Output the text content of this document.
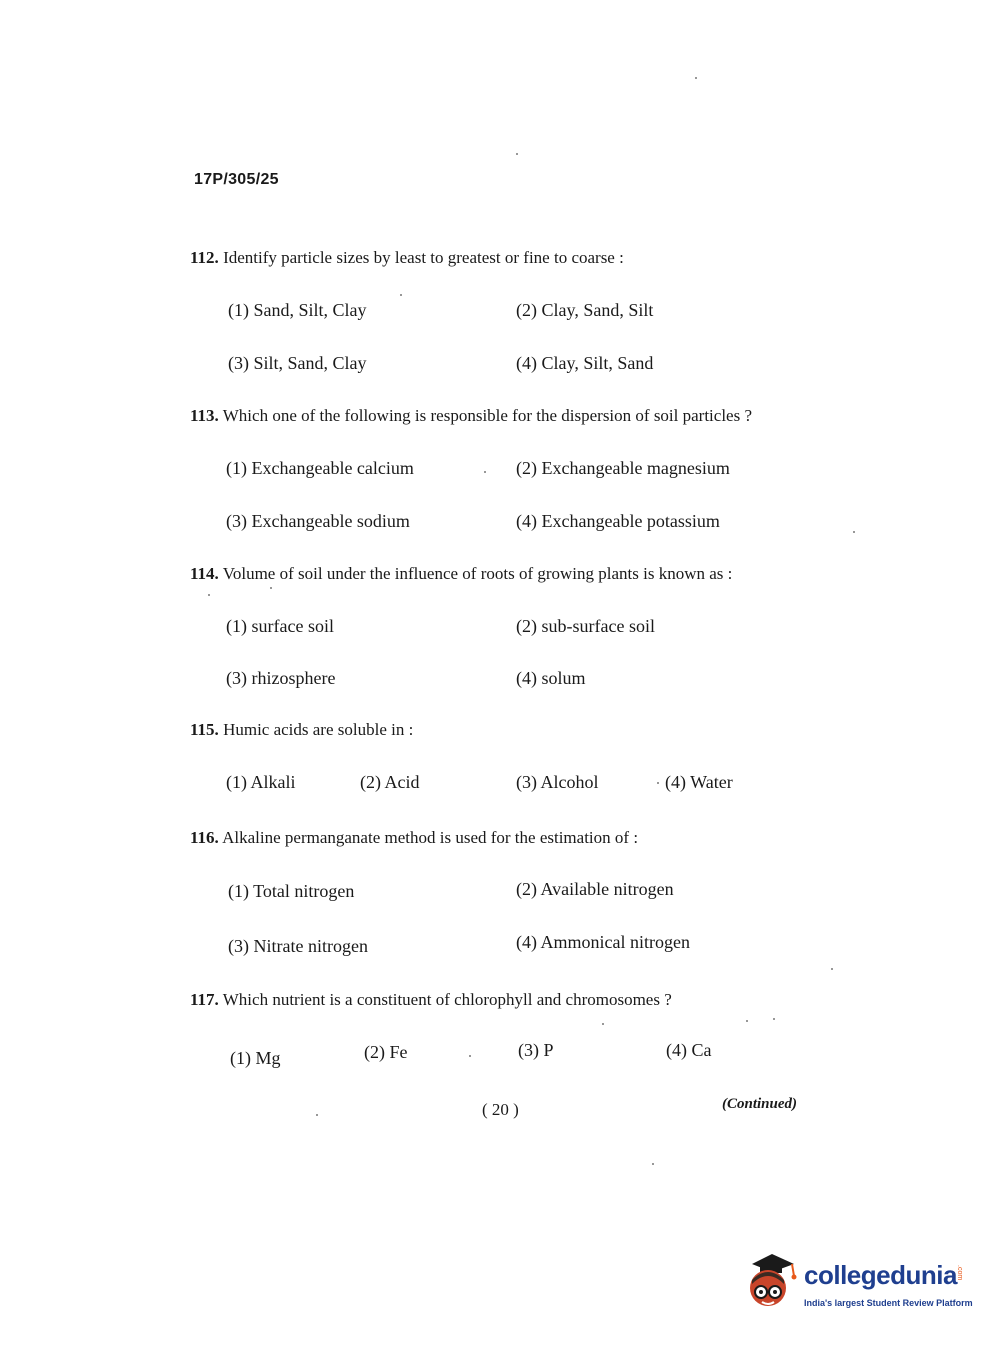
17P/305/25
112. Identify particle sizes by least to greatest or fine to coarse :
(1) Sand, Silt, Clay	(2) Clay, Sand, Silt
(3) Silt, Sand, Clay	(4) Clay, Silt, Sand
113. Which one of the following is responsible for the dispersion of soil particles ?
(1) Exchangeable calcium	(2) Exchangeable magnesium
(3) Exchangeable sodium	(4) Exchangeable potassium
114. Volume of soil under the influence of roots of growing plants is known as :
(1) surface soil	(2) sub-surface soil
(3) rhizosphere	(4) solum
115. Humic acids are soluble in :
(1) Alkali	(2) Acid	(3) Alcohol	(4) Water
116. Alkaline permanganate method is used for the estimation of :
(1) Total nitrogen	(2) Available nitrogen
(3) Nitrate nitrogen	(4) Ammonical nitrogen
117. Which nutrient is a constituent of chlorophyll and chromosomes ?
(1) Mg	(2) Fe	(3) P	(4) Ca
( 20 )	(Continued)
collegedunia .com
India's largest Student Review Platform
